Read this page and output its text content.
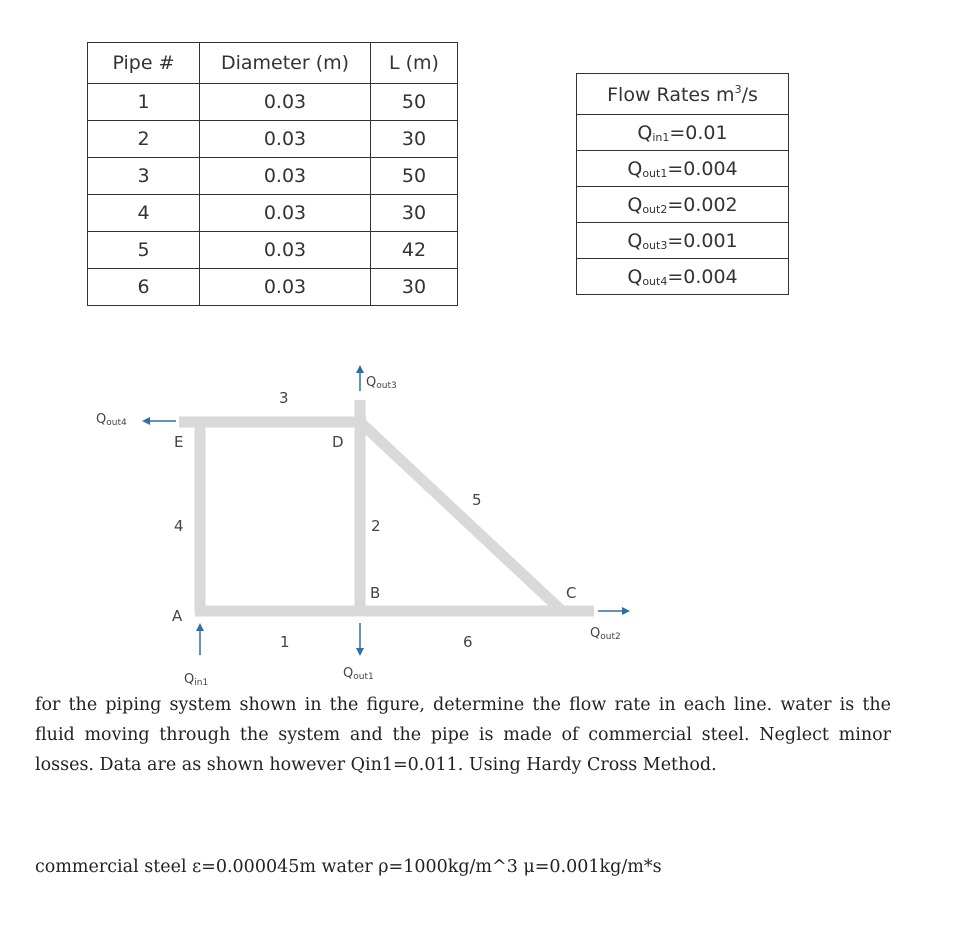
Pipe #	Diameter (m)	L (m)
1	0.03	50
2	0.03	30
3	0.03	50
4	0.03	30
5	0.03	42
6	0.03	30
Flow Rates $m^3/s$
$Q_{in1}=0.01$
$Q_{out1}=0.004$
$Q_{out2}=0.002$
$Q_{out3}=0.001$
$Q_{out4}=0.004$
A
B	C
D
E
1
2
3
4
5
6
Qout3
Qout4
Qin1
Qout1
Qout2

for the piping system shown in the figure, determine the flow rate in each line. water is the fluid moving through the system and the pipe is made of commercial steel. Neglect minor losses. Data are as shown however Qin1=0.011. Using Hardy Cross Method.

commercial steel ε=0.000045m water ρ=1000kg/m^3 μ=0.001kg/m*s
